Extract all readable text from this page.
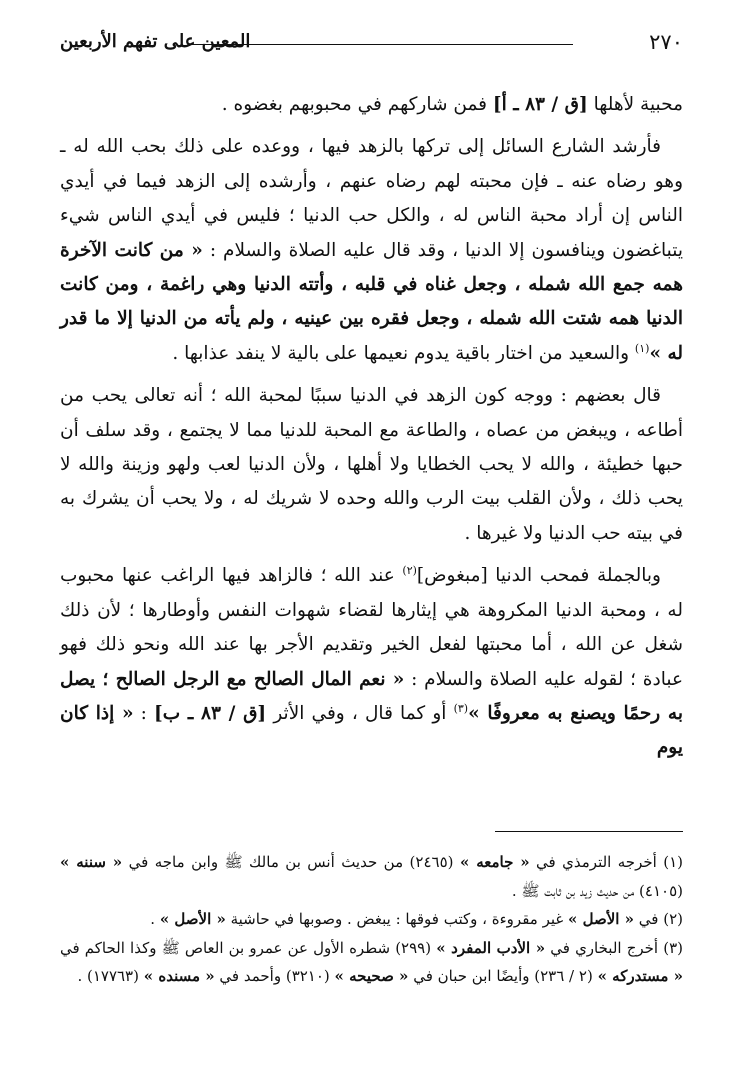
٢٧٠
المعين على تفهم الأربعين

محبية لأهلها [ق / ٨٣ ـ أ] فمن شاركهم في محبوبهم بغضوه .

فأرشد الشارع السائل إلى تركها بالزهد فيها ، ووعده على ذلك بحب الله له ـ وهو رضاه عنه ـ فإن محبته لهم رضاه عنهم ، وأرشده إلى الزهد فيما في أيدي الناس إن أراد محبة الناس له ، والكل حب الدنيا ؛ فليس في أيدي الناس شيء يتباغضون وينافسون إلا الدنيا ، وقد قال عليه الصلاة والسلام : « من كانت الآخرة همه جمع الله شمله ، وجعل غناه في قلبه ، وأتته الدنيا وهي راغمة ، ومن كانت الدنيا همه شتت الله شمله ، وجعل فقره بين عينيه ، ولم يأته من الدنيا إلا ما قدر له »$^{(١)}$ والسعيد من اختار باقية يدوم نعيمها على بالية لا ينفد عذابها .

قال بعضهم : ووجه كون الزهد في الدنيا سببًا لمحبة الله ؛ أنه تعالى يحب من أطاعه ، ويبغض من عصاه ، والطاعة مع المحبة للدنيا مما لا يجتمع ، وقد سلف أن حبها خطيئة ، والله لا يحب الخطايا ولا أهلها ، ولأن الدنيا لعب ولهو وزينة والله لا يحب ذلك ، ولأن القلب بيت الرب والله وحده لا شريك له ، ولا يحب أن يشرك به في بيته حب الدنيا ولا غيرها .

وبالجملة فمحب الدنيا [مبغوض]$^{(٢)}$ عند الله ؛ فالزاهد فيها الراغب عنها محبوب له ، ومحبة الدنيا المكروهة هي إيثارها لقضاء شهوات النفس وأوطارها ؛ لأن ذلك شغل عن الله ، أما محبتها لفعل الخير وتقديم الأجر بها عند الله ونحو ذلك فهو عبادة ؛ لقوله عليه الصلاة والسلام : « نعم المال الصالح مع الرجل الصالح ؛ يصل به رحمًا ويصنع به معروفًا »$^{(٣)}$ أو كما قال ، وفي الأثر [ق / ٨٣ ـ ب] : « إذا كان يوم

(١) أخرجه الترمذي في « جامعه » (٢٤٦٥) من حديث أنس بن مالك ﷺ وابن ماجه في « سننه » (٤١٠٥) من حديث زيد بن ثابت ﷺ .

(٢) في « الأصل » غير مقروءة ، وكتب فوقها : يبغض . وصوبها في حاشية « الأصل » .

(٣) أخرج البخاري في « الأدب المفرد » (٢٩٩) شطره الأول عن عمرو بن العاص ﷺ وكذا الحاكم في « مستدركه » (٢ / ٢٣٦) وأيضًا ابن حبان في « صحيحه » (٣٢١٠) وأحمد في « مسنده » (١٧٧٦٣) .
